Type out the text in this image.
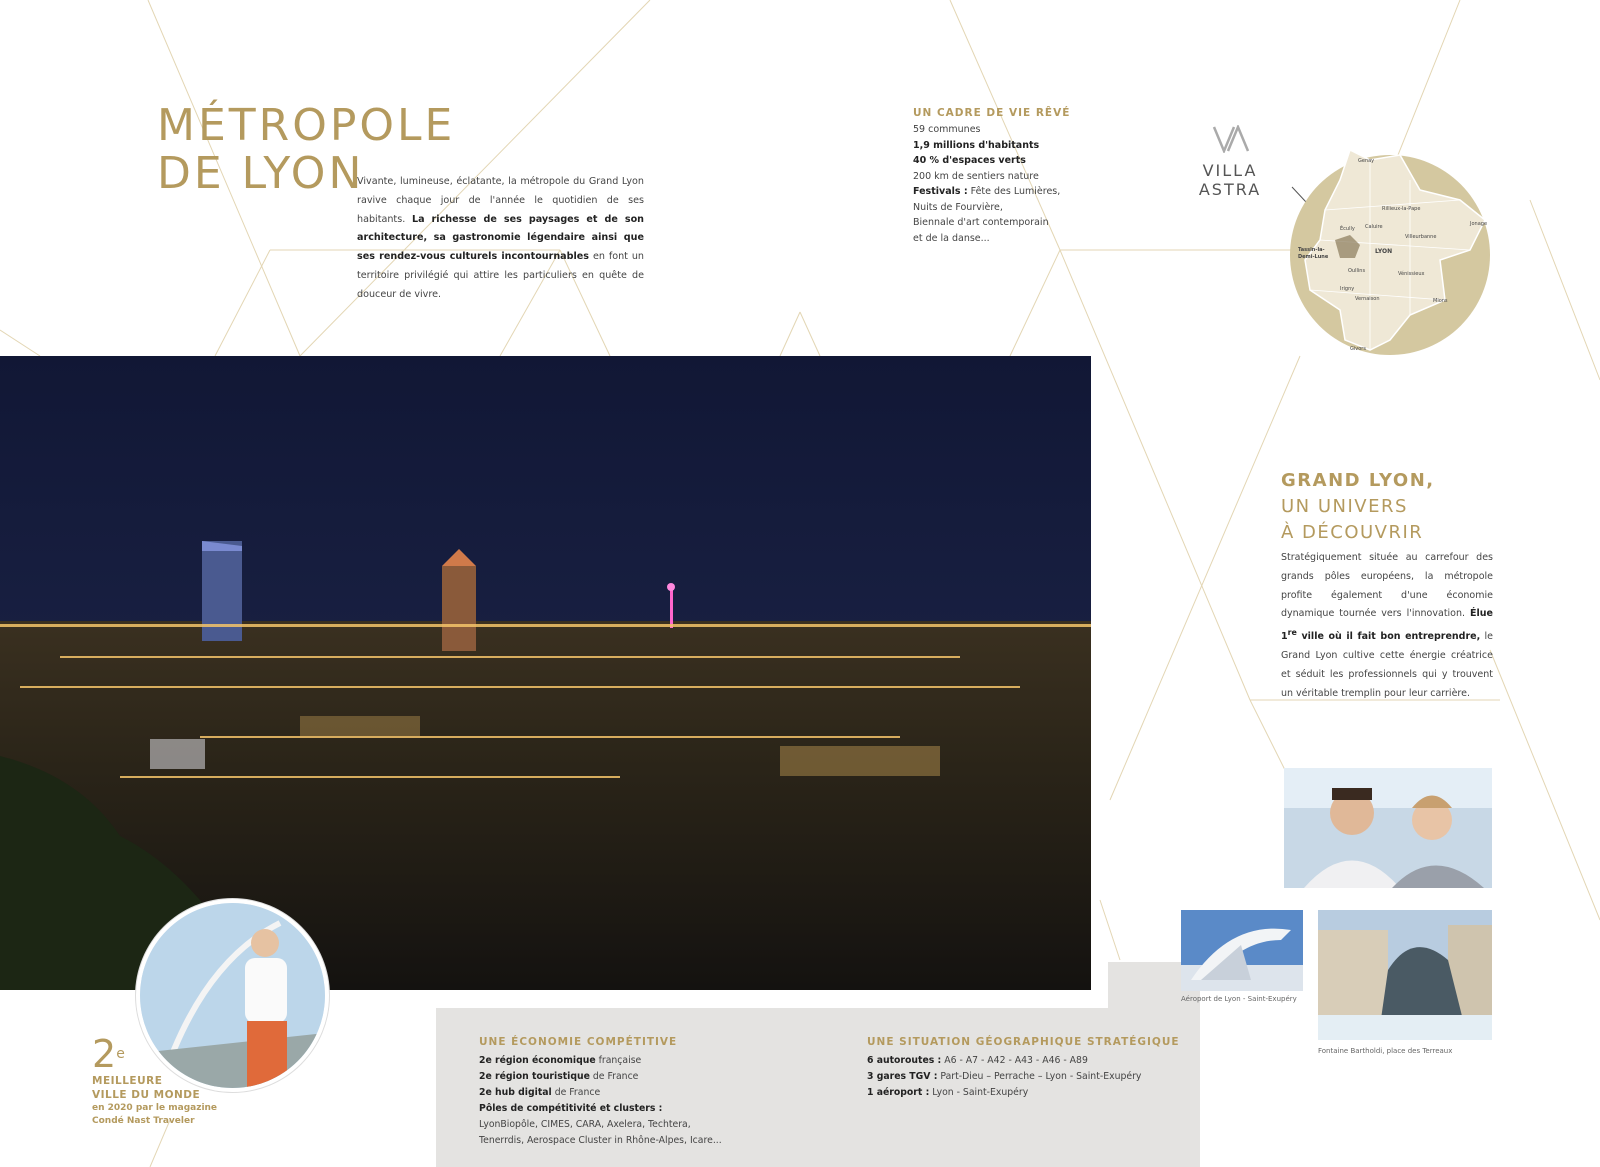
MÉTROPOLE
DE LYON

Vivante, lumineuse, éclatante, la métropole du Grand Lyon ravive chaque jour de l'année le quotidien de ses habitants. La richesse de ses paysages et de son architecture, sa gastronomie légendaire ainsi que ses rendez-vous culturels incontournables en font un territoire privilégié qui attire les particuliers en quête de douceur de vivre.

UN CADRE DE VIE RÊVÉ
59 communes
1,9 millions d'habitants
40 % d'espaces verts
200 km de sentiers nature
Festivals : Fête des Lumières,
Nuits de Fourvière,
Biennale d'art contemporain
et de la danse...
VILLA ASTRA
Genay
Rillieux-la-Pape
Caluire
Écully
Villeurbanne
Jonage
Tassin-la-
Demi-Lune
LYON
Oullins	Vénissieux
Vernaison	Mions
Givors
Irigny
GRAND LYON,
UN UNIVERS
À DÉCOUVRIR

Stratégiquement située au carrefour des grands pôles européens, la métropole profite également d'une économie dynamique tournée vers l'innovation. Élue 1re ville où il fait bon entreprendre, le Grand Lyon cultive cette énergie créatrice et séduit les professionnels qui y trouvent un véritable tremplin pour leur carrière.

UNE ÉCONOMIE COMPÉTITIVE
2e région économique française
2e région touristique de France
2e hub digital de France
Pôles de compétitivité et clusters :
LyonBiopôle, CIMES, CARA, Axelera, Techtera,
Tenerrdis, Aerospace Cluster in Rhône-Alpes, Icare...
UNE SITUATION GÉOGRAPHIQUE STRATÉGIQUE
6 autoroutes : A6 - A7 - A42 - A43 - A46 - A89
3 gares TGV : Part-Dieu – Perrache – Lyon - Saint-Exupéry
1 aéroport : Lyon - Saint-Exupéry
2e
MEILLEURE
VILLE DU MONDE
en 2020 par le magazine
Condé Nast Traveler
Aéroport de Lyon - Saint-Exupéry
Fontaine Bartholdi, place des Terreaux
